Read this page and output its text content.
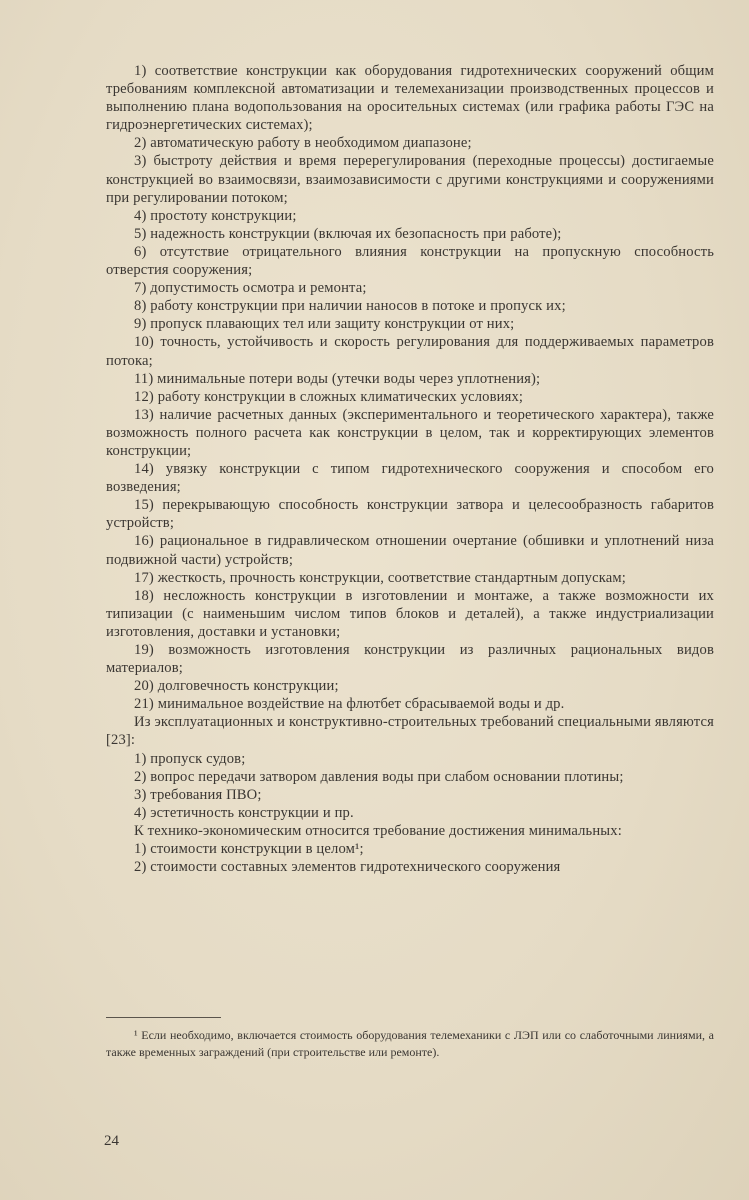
1) соответствие конструкции как оборудования гидротехнических сооружений общим требованиям комплексной автоматизации и телемеханизации производственных процессов и выполнению плана водопользования на оросительных системах (или графика работы ГЭС на гидроэнергетических системах);

2) автоматическую работу в необходимом диапазоне;

3) быстроту действия и время перерегулирования (переходные процессы) достигаемые конструкцией во взаимосвязи, взаимозависимости с другими конструкциями и сооружениями при регулировании потоком;

4) простоту конструкции;

5) надежность конструкции (включая их безопасность при работе);

6) отсутствие отрицательного влияния конструкции на пропускную способность отверстия сооружения;

7) допустимость осмотра и ремонта;

8) работу конструкции при наличии наносов в потоке и пропуск их;

9) пропуск плавающих тел или защиту конструкции от них;

10) точность, устойчивость и скорость регулирования для поддерживаемых параметров потока;

11) минимальные потери воды (утечки воды через уплотнения);

12) работу конструкции в сложных климатических условиях;

13) наличие расчетных данных (экспериментального и теоретического характера), также возможность полного расчета как конструкции в целом, так и корректирующих элементов конструкции;

14) увязку конструкции с типом гидротехнического сооружения и способом его возведения;

15) перекрывающую способность конструкции затвора и целесообразность габаритов устройств;

16) рациональное в гидравлическом отношении очертание (обшивки и уплотнений низа подвижной части) устройств;

17) жесткость, прочность конструкции, соответствие стандартным допускам;

18) несложность конструкции в изготовлении и монтаже, а также возможности их типизации (с наименьшим числом типов блоков и деталей), а также индустриализации изготовления, доставки и установки;

19) возможность изготовления конструкции из различных рациональных видов материалов;

20) долговечность конструкции;

21) минимальное воздействие на флютбет сбрасываемой воды и др.

Из эксплуатационных и конструктивно-строительных требований специальными являются [23]:

1) пропуск судов;

2) вопрос передачи затвором давления воды при слабом основании плотины;

3) требования ПВО;

4) эстетичность конструкции и пр.

К технико-экономическим относится требование достижения минимальных:

1) стоимости конструкции в целом¹;

2) стоимости составных элементов гидротехнического сооружения

¹ Если необходимо, включается стоимость оборудования телемеханики с ЛЭП или со слаботочными линиями, а также временных заграждений (при строительстве или ремонте).

24
